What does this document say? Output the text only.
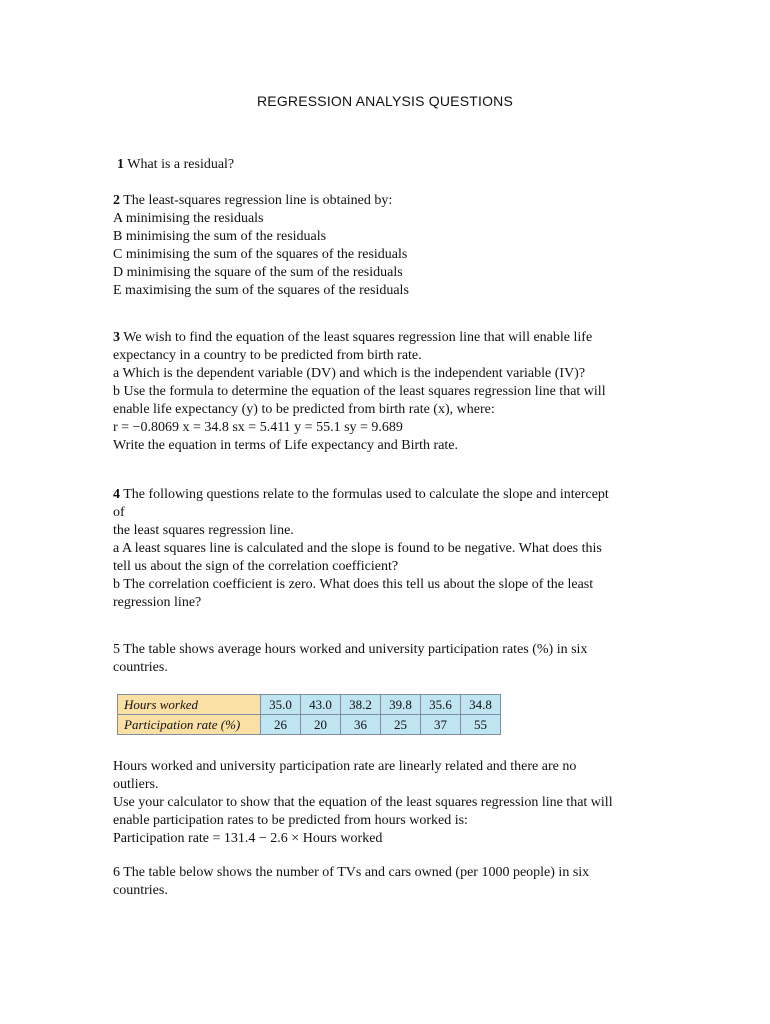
REGRESSION ANALYSIS QUESTIONS
1 What is a residual?
2 The least-squares regression line is obtained by:
A minimising the residuals
B minimising the sum of the residuals
C minimising the sum of the squares of the residuals
D minimising the square of the sum of the residuals
E maximising the sum of the squares of the residuals
3 We wish to find the equation of the least squares regression line that will enable life
expectancy in a country to be predicted from birth rate.
a Which is the dependent variable (DV) and which is the independent variable (IV)?
b Use the formula to determine the equation of the least squares regression line that will
enable life expectancy (y) to be predicted from birth rate (x), where:
r = −0.8069 x = 34.8 sx = 5.411 y = 55.1 sy = 9.689
Write the equation in terms of Life expectancy and Birth rate.
4 The following questions relate to the formulas used to calculate the slope and intercept
of
the least squares regression line.
a A least squares line is calculated and the slope is found to be negative. What does this
tell us about the sign of the correlation coefficient?
b The correlation coefficient is zero. What does this tell us about the slope of the least
regression line?
5 The table shows average hours worked and university participation rates (%) in six
countries.
Hours worked	35.0	43.0	38.2	39.8	35.6	34.8
Participation rate (%)	26	20	36	25	37	55
Hours worked and university participation rate are linearly related and there are no
outliers.
Use your calculator to show that the equation of the least squares regression line that will
enable participation rates to be predicted from hours worked is:
Participation rate = 131.4 − 2.6 × Hours worked
6 The table below shows the number of TVs and cars owned (per 1000 people) in six
countries.
